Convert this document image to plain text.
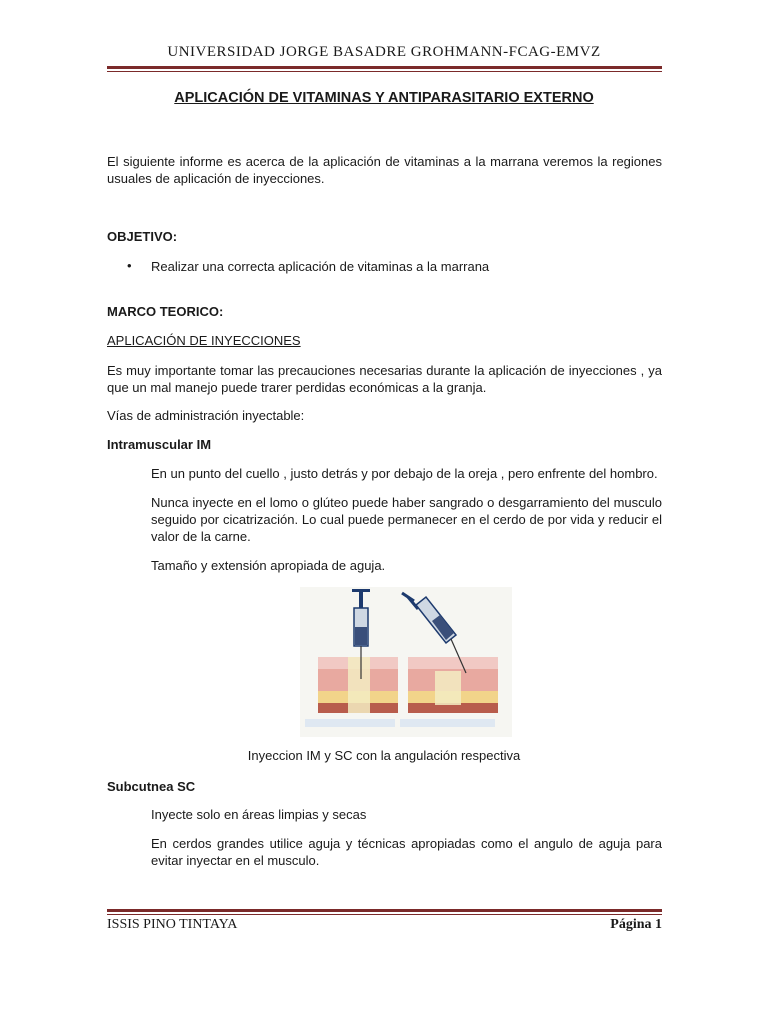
UNIVERSIDAD JORGE BASADRE GROHMANN-FCAG-EMVZ
APLICACIÓN DE VITAMINAS Y ANTIPARASITARIO EXTERNO
El siguiente informe es acerca de la aplicación de vitaminas a la marrana veremos la regiones usuales de aplicación de inyecciones.
OBJETIVO:
• Realizar una correcta aplicación de vitaminas a la marrana
MARCO TEORICO:
APLICACIÓN DE INYECCIONES
Es muy importante tomar las precauciones necesarias durante la aplicación de inyecciones , ya que un mal manejo puede trarer perdidas económicas a la granja.
Vías de administración inyectable:
Intramuscular IM
En un punto del cuello , justo detrás y por debajo de la oreja , pero enfrente del hombro.
Nunca inyecte en el lomo o glúteo puede haber sangrado o desgarramiento del musculo seguido por cicatrización. Lo cual puede permanecer en el cerdo de por vida y reducir el valor de la carne.
Tamaño y extensión apropiada de aguja.
Inyeccion IM y SC con la angulación respectiva
Subcutnea SC
Inyecte solo en áreas limpias y secas
En cerdos grandes utilice aguja y técnicas apropiadas como el angulo de aguja para evitar inyectar en el musculo.
ISSIS PINO TINTAYA	Página 1
